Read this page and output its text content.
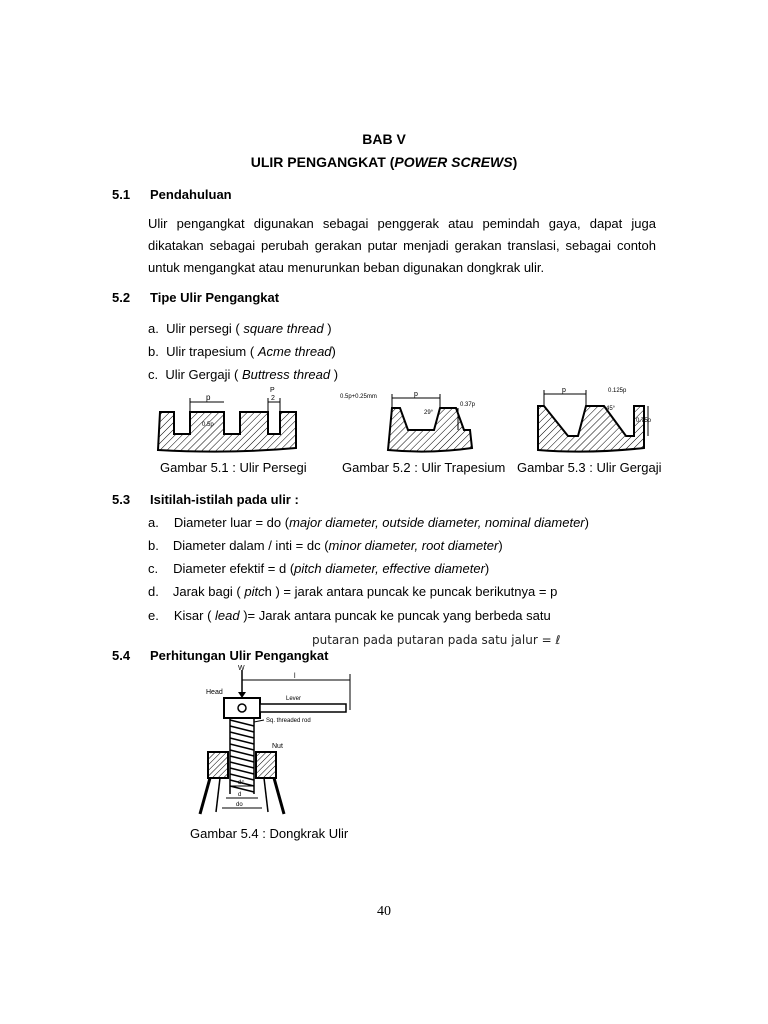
BAB V
ULIR PENGANGKAT (POWER SCREWS)
5.1 Pendahuluan
Ulir pengangkat digunakan sebagai penggerak atau pemindah gaya, dapat juga
dikatakan sebagai perubah gerakan putar menjadi gerakan translasi, sebagai contoh
untuk mengangkat atau menurunkan beban digunakan dongkrak ulir.
5.2 Tipe Ulir Pengangkat
a. Ulir persegi ( square thread )
b. Ulir trapesium ( Acme thread)
c. Ulir Gergaji ( Buttress thread )
p
P
2
0.5p
0.5p+0.25mm	p
29°
0.37p
p	0.125p
45°
0.75p
Gambar 5.1 : Ulir Persegi	Gambar 5.2 : Ulir Trapesium Gambar 5.3 : Ulir Gergaji
5.3 Isitilah-istilah pada ulir :
a. Diameter luar = do (major diameter, outside diameter, nominal diameter)
b. Diameter dalam / inti = dc (minor diameter, root diameter)
c. Diameter efektif = d (pitch diameter, effective diameter)
d. Jarak bagi ( pitch ) = jarak antara puncak ke puncak berikutnya = p
e. Kisar ( lead )= Jarak antara puncak ke puncak yang berbeda satu
putaran pada putaran pada satu jalur = ℓ
5.4 Perhitungan Ulir Pengangkat
W
Head
l
Lever
Sq. threaded rod
Nut
dc
d
do
Gambar 5.4 : Dongkrak Ulir
40
